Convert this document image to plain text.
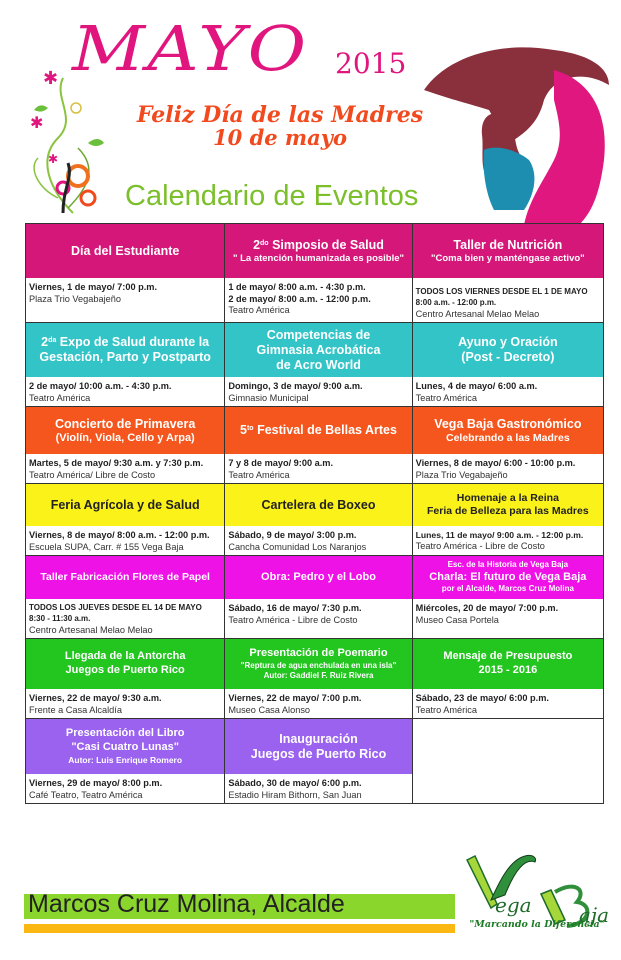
✱
✱
✱
MAYO 2015
Feliz Día de las Madres
10 de mayo
Calendario de Eventos
Día del Estudiante
Viernes, 1 de mayo/ 7:00 p.m.
Plaza Trio Vegabajeño
$2^{do}$ Simposio de Salud
" La atención humanizada es posible"
1 de mayo/ 8:00 a.m. - 4:30 p.m.
2 de mayo/ 8:00 a.m. - 12:00 p.m.
Teatro América
Taller de Nutrición
"Coma bien y manténgase activo"
TODOS LOS VIERNES DESDE EL 1 DE MAYO
8:00 a.m. - 12:00 p.m.
Centro Artesanal Melao Melao
$2^{da}$ Expo de Salud durante la
Gestación, Parto y Postparto
2 de mayo/ 10:00 a.m. - 4:30 p.m.
Teatro América
Competencias de
Gimnasia Acrobática
de Acro World
Domingo, 3 de mayo/ 9:00 a.m.
Gimnasio Municipal
Ayuno y Oración
(Post - Decreto)
Lunes, 4 de mayo/ 6:00 a.m.
Teatro América
Concierto de Primavera
(Violín, Viola, Cello y Arpa)
Martes, 5 de mayo/ 9:30 a.m. y 7:30 p.m.
Teatro América/ Libre de Costo
$5^{to}$ Festival de Bellas Artes
7 y 8 de mayo/ 9:00 a.m.
Teatro América
Vega Baja Gastronómico
Celebrando a las Madres
Viernes, 8 de mayo/ 6:00 - 10:00 p.m.
Plaza Trio Vegabajeño
Feria Agrícola y de Salud
Viernes, 8 de mayo/ 8:00 a.m. - 12:00 p.m.
Escuela SUPA, Carr. # 155 Vega Baja
Cartelera de Boxeo
Sábado, 9 de mayo/ 3:00 p.m.
Cancha Comunidad Los Naranjos
Homenaje a la Reina
Feria de Belleza para las Madres
Lunes, 11 de mayo/ 9:00 a.m. - 12:00 p.m.
Teatro América - Libre de Costo
Taller Fabricación Flores de Papel
TODOS LOS JUEVES DESDE EL 14 DE MAYO
8:30 - 11:30 a.m.
Centro Artesanal Melao Melao
Obra: Pedro y el Lobo
Sábado, 16 de mayo/ 7:30 p.m.
Teatro América - Libre de Costo
Esc. de la Historia de Vega Baja
Charla: El futuro de Vega Baja
por el Alcalde, Marcos Cruz Molina
Miércoles, 20 de mayo/ 7:00 p.m.
Museo Casa Portela
Llegada de la Antorcha
Juegos de Puerto Rico
Viernes, 22 de mayo/ 9:30 a.m.
Frente a Casa Alcaldía
Presentación de Poemario
"Reptura de agua enchulada en una isla"
Autor: Gaddiel F. Ruiz Rivera
Viernes, 22 de mayo/ 7:00 p.m.
Museo Casa Alonso
Mensaje de Presupuesto
2015 - 2016
Sábado, 23 de mayo/ 6:00 p.m.
Teatro América
Presentación del Libro
"Casi Cuatro Lunas"
Autor: Luis Enrique Romero
Viernes, 29 de mayo/ 8:00 p.m.
Café Teatro, Teatro América
Inauguración
Juegos de Puerto Rico
Sábado, 30 de mayo/ 6:00 p.m.
Estadio Hiram Bithorn, San Juan
Marcos Cruz Molina, Alcalde	ega aja
"Marcando la Diferencia"
